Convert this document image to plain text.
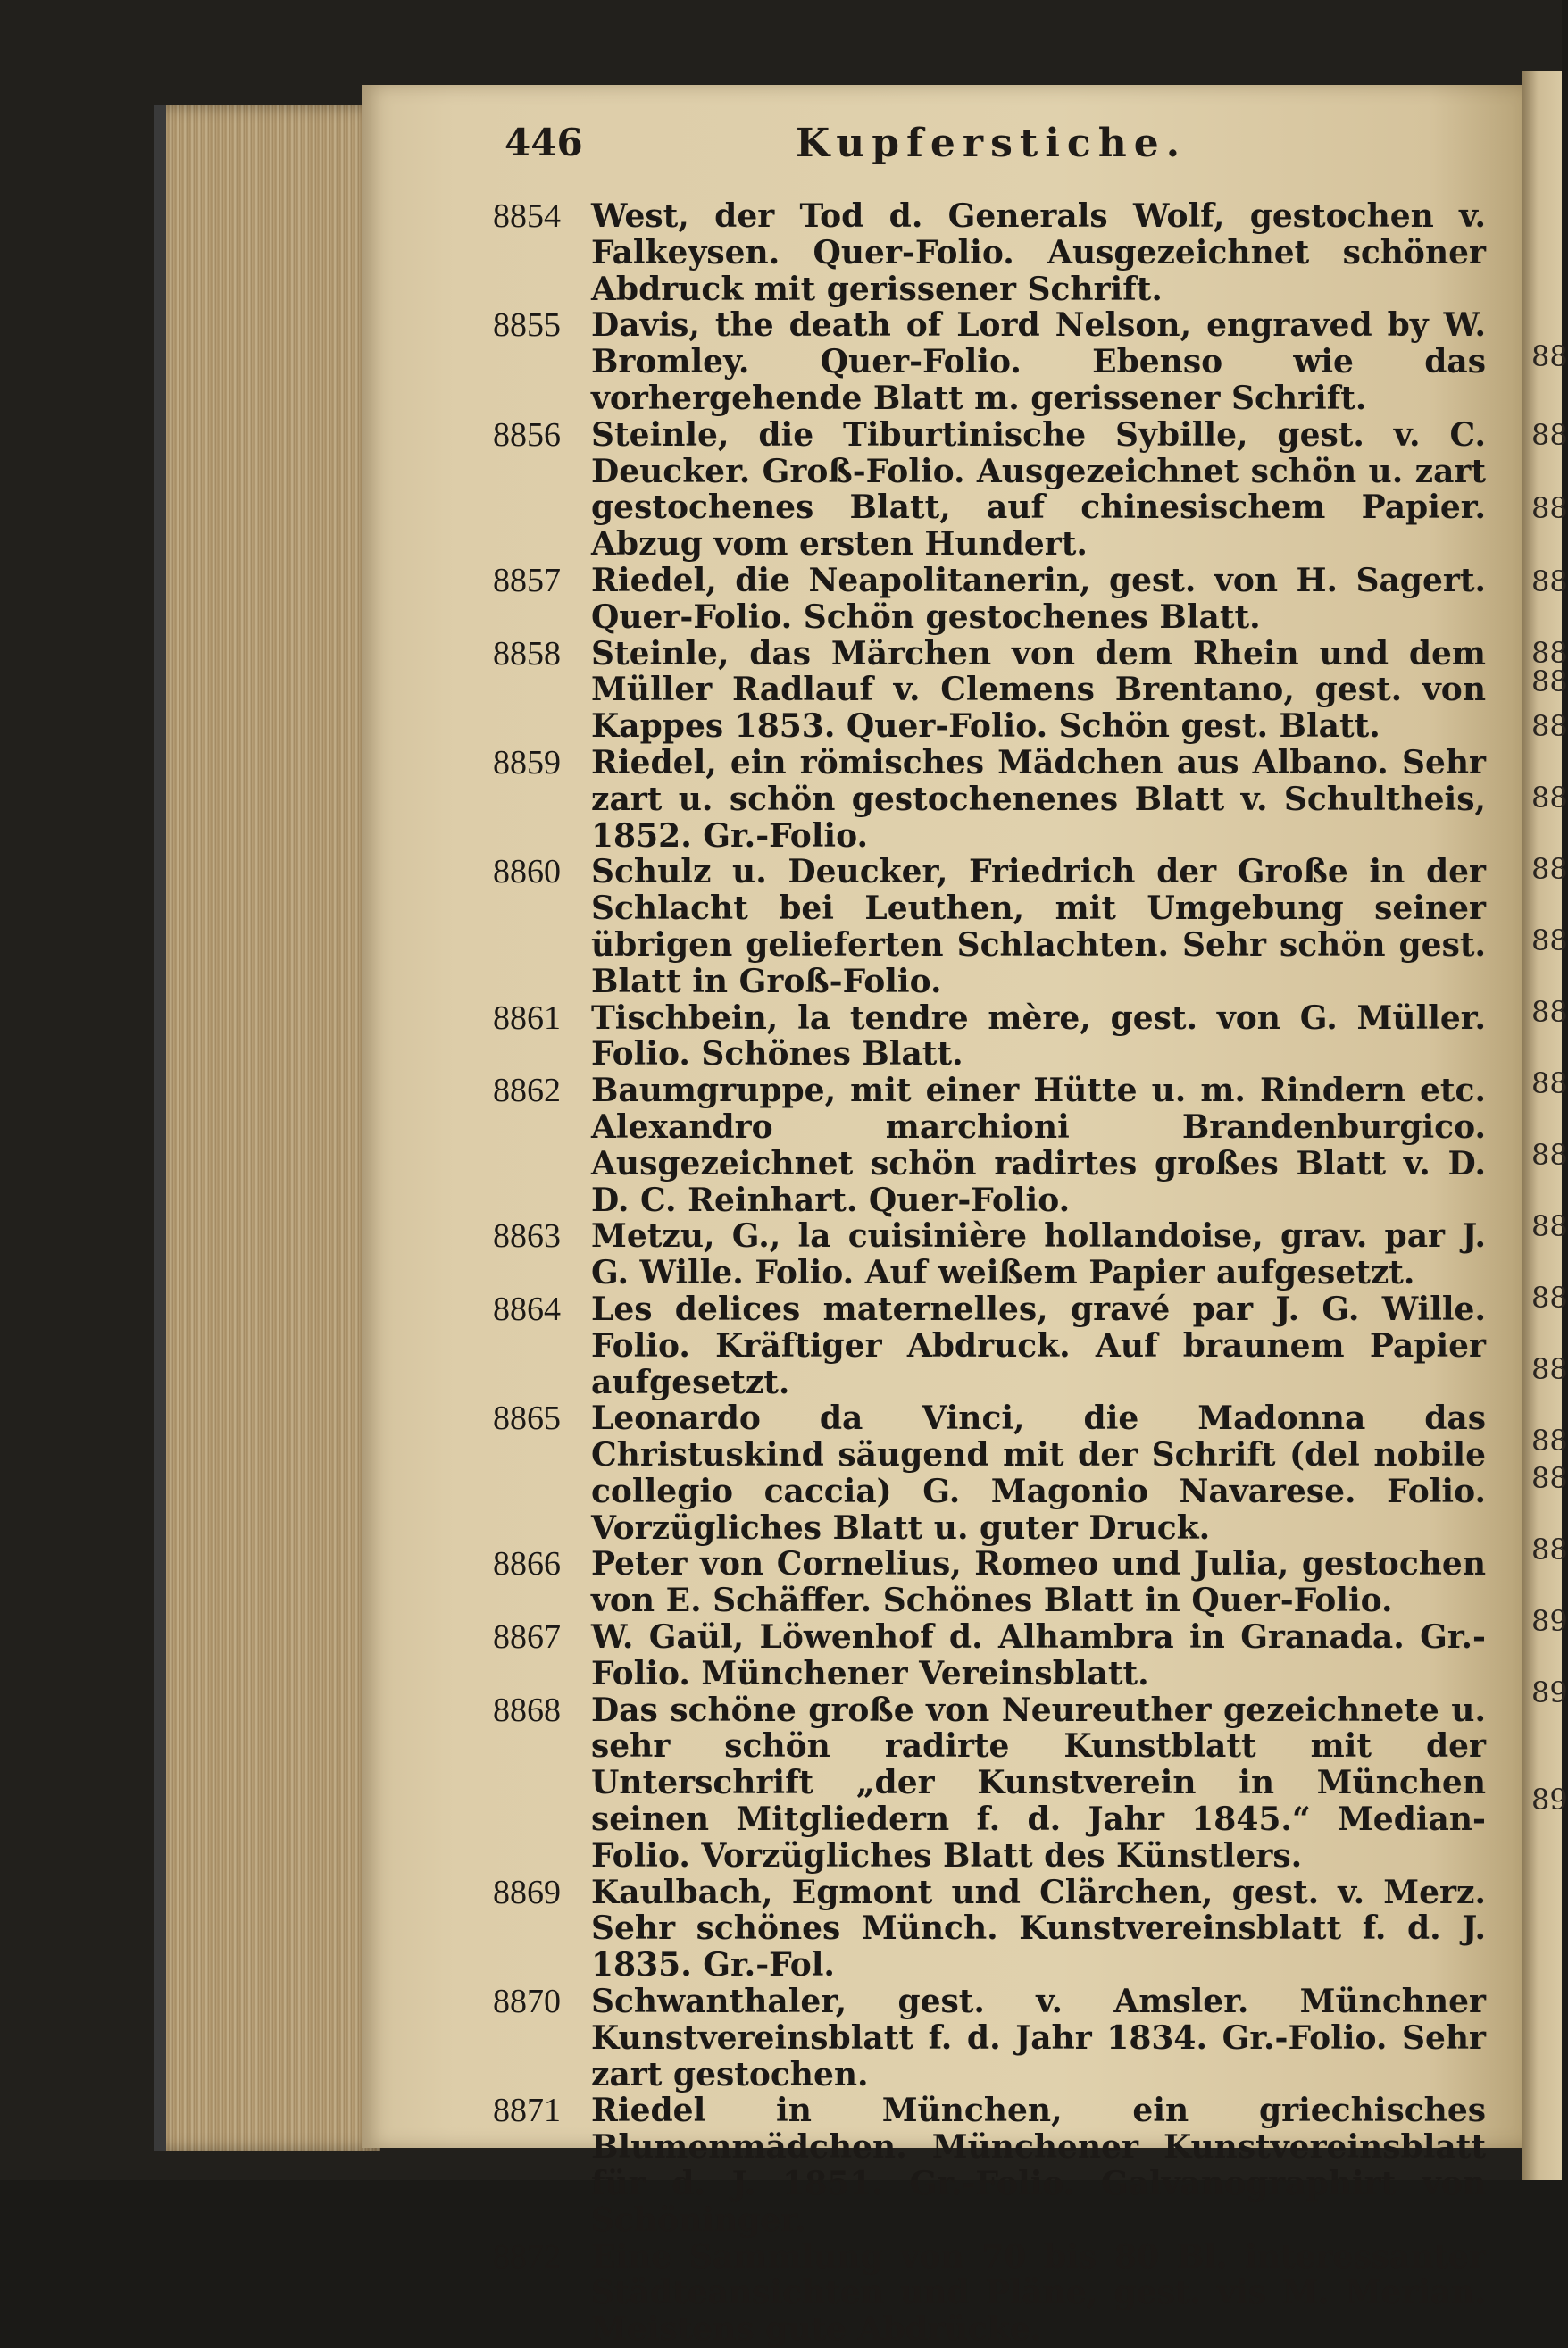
88
88
88
88
88
88
88
88
88
88
88
88
88
88
88
88
88
88
88
89
89
89
446	Kupferstiche.

8854 West, der Tod d. Generals Wolf, gestochen v. Falkeysen. Quer-Folio. Ausgezeichnet schöner Abdruck mit gerissener Schrift.

8855 Davis, the death of Lord Nelson, engraved by W. Bromley. Quer-Folio. Ebenso wie das vorhergehende Blatt m. gerissener Schrift.

8856 Steinle, die Tiburtinische Sybille, gest. v. C. Deucker. Groß-Folio. Ausgezeichnet schön u. zart gestochenes Blatt, auf chinesischem Papier. Abzug vom ersten Hundert.

8857 Riedel, die Neapolitanerin, gest. von H. Sagert. Quer-Folio. Schön gestochenes Blatt.

8858 Steinle, das Märchen von dem Rhein und dem Müller Radlauf v. Clemens Brentano, gest. von Kappes 1853. Quer-Folio. Schön gest. Blatt.

8859 Riedel, ein römisches Mädchen aus Albano. Sehr zart u. schön gestochenenes Blatt v. Schultheis, 1852. Gr.-Folio.

8860 Schulz u. Deucker, Friedrich der Große in der Schlacht bei Leuthen, mit Umgebung seiner übrigen gelieferten Schlachten. Sehr schön gest. Blatt in Groß-Folio.

8861 Tischbein, la tendre mère, gest. von G. Müller. Folio. Schönes Blatt.

8862 Baumgruppe, mit einer Hütte u. m. Rindern etc. Alexandro marchioni Brandenburgico. Ausgezeichnet schön radirtes großes Blatt v. D. D. C. Reinhart. Quer-Folio.

8863 Metzu, G., la cuisinière hollandoise, grav. par J. G. Wille. Folio. Auf weißem Papier aufgesetzt.

8864 Les delices maternelles, gravé par J. G. Wille. Folio. Kräftiger Abdruck. Auf braunem Papier aufgesetzt.

8865 Leonardo da Vinci, die Madonna das Christuskind säugend mit der Schrift (del nobile collegio caccia) G. Magonio Navarese. Folio. Vorzügliches Blatt u. guter Druck.

8866 Peter von Cornelius, Romeo und Julia, gestochen von E. Schäffer. Schönes Blatt in Quer-Folio.

8867 W. Gaül, Löwenhof d. Alhambra in Granada. Gr.-Folio. Münchener Vereinsblatt.

8868 Das schöne große von Neureuther gezeichnete u. sehr schön radirte Kunstblatt mit der Unterschrift „der Kunstverein in München seinen Mitgliedern f. d. Jahr 1845.“ Median-Folio. Vorzügliches Blatt des Künstlers.

8869 Kaulbach, Egmont und Clärchen, gest. v. Merz. Sehr schönes Münch. Kunstvereinsblatt f. d. J. 1835. Gr.-Fol.

8870 Schwanthaler, gest. v. Amsler. Münchner Kunstvereinsblatt f. d. Jahr 1834. Gr.-Folio. Sehr zart gestochen.

8871 Riedel in München, ein griechisches Blumenmädchen. Münchener Kunstvereinsblatt für d. J. 1851. Gr.-Folio. Galvanographirt von Schöninger.

8872 Eine Sammlung von 70 bis 80 Bl. interessanter Städteansichten und Pläne, gest. vis M. Merian. Meistens gute Abdrücke.
